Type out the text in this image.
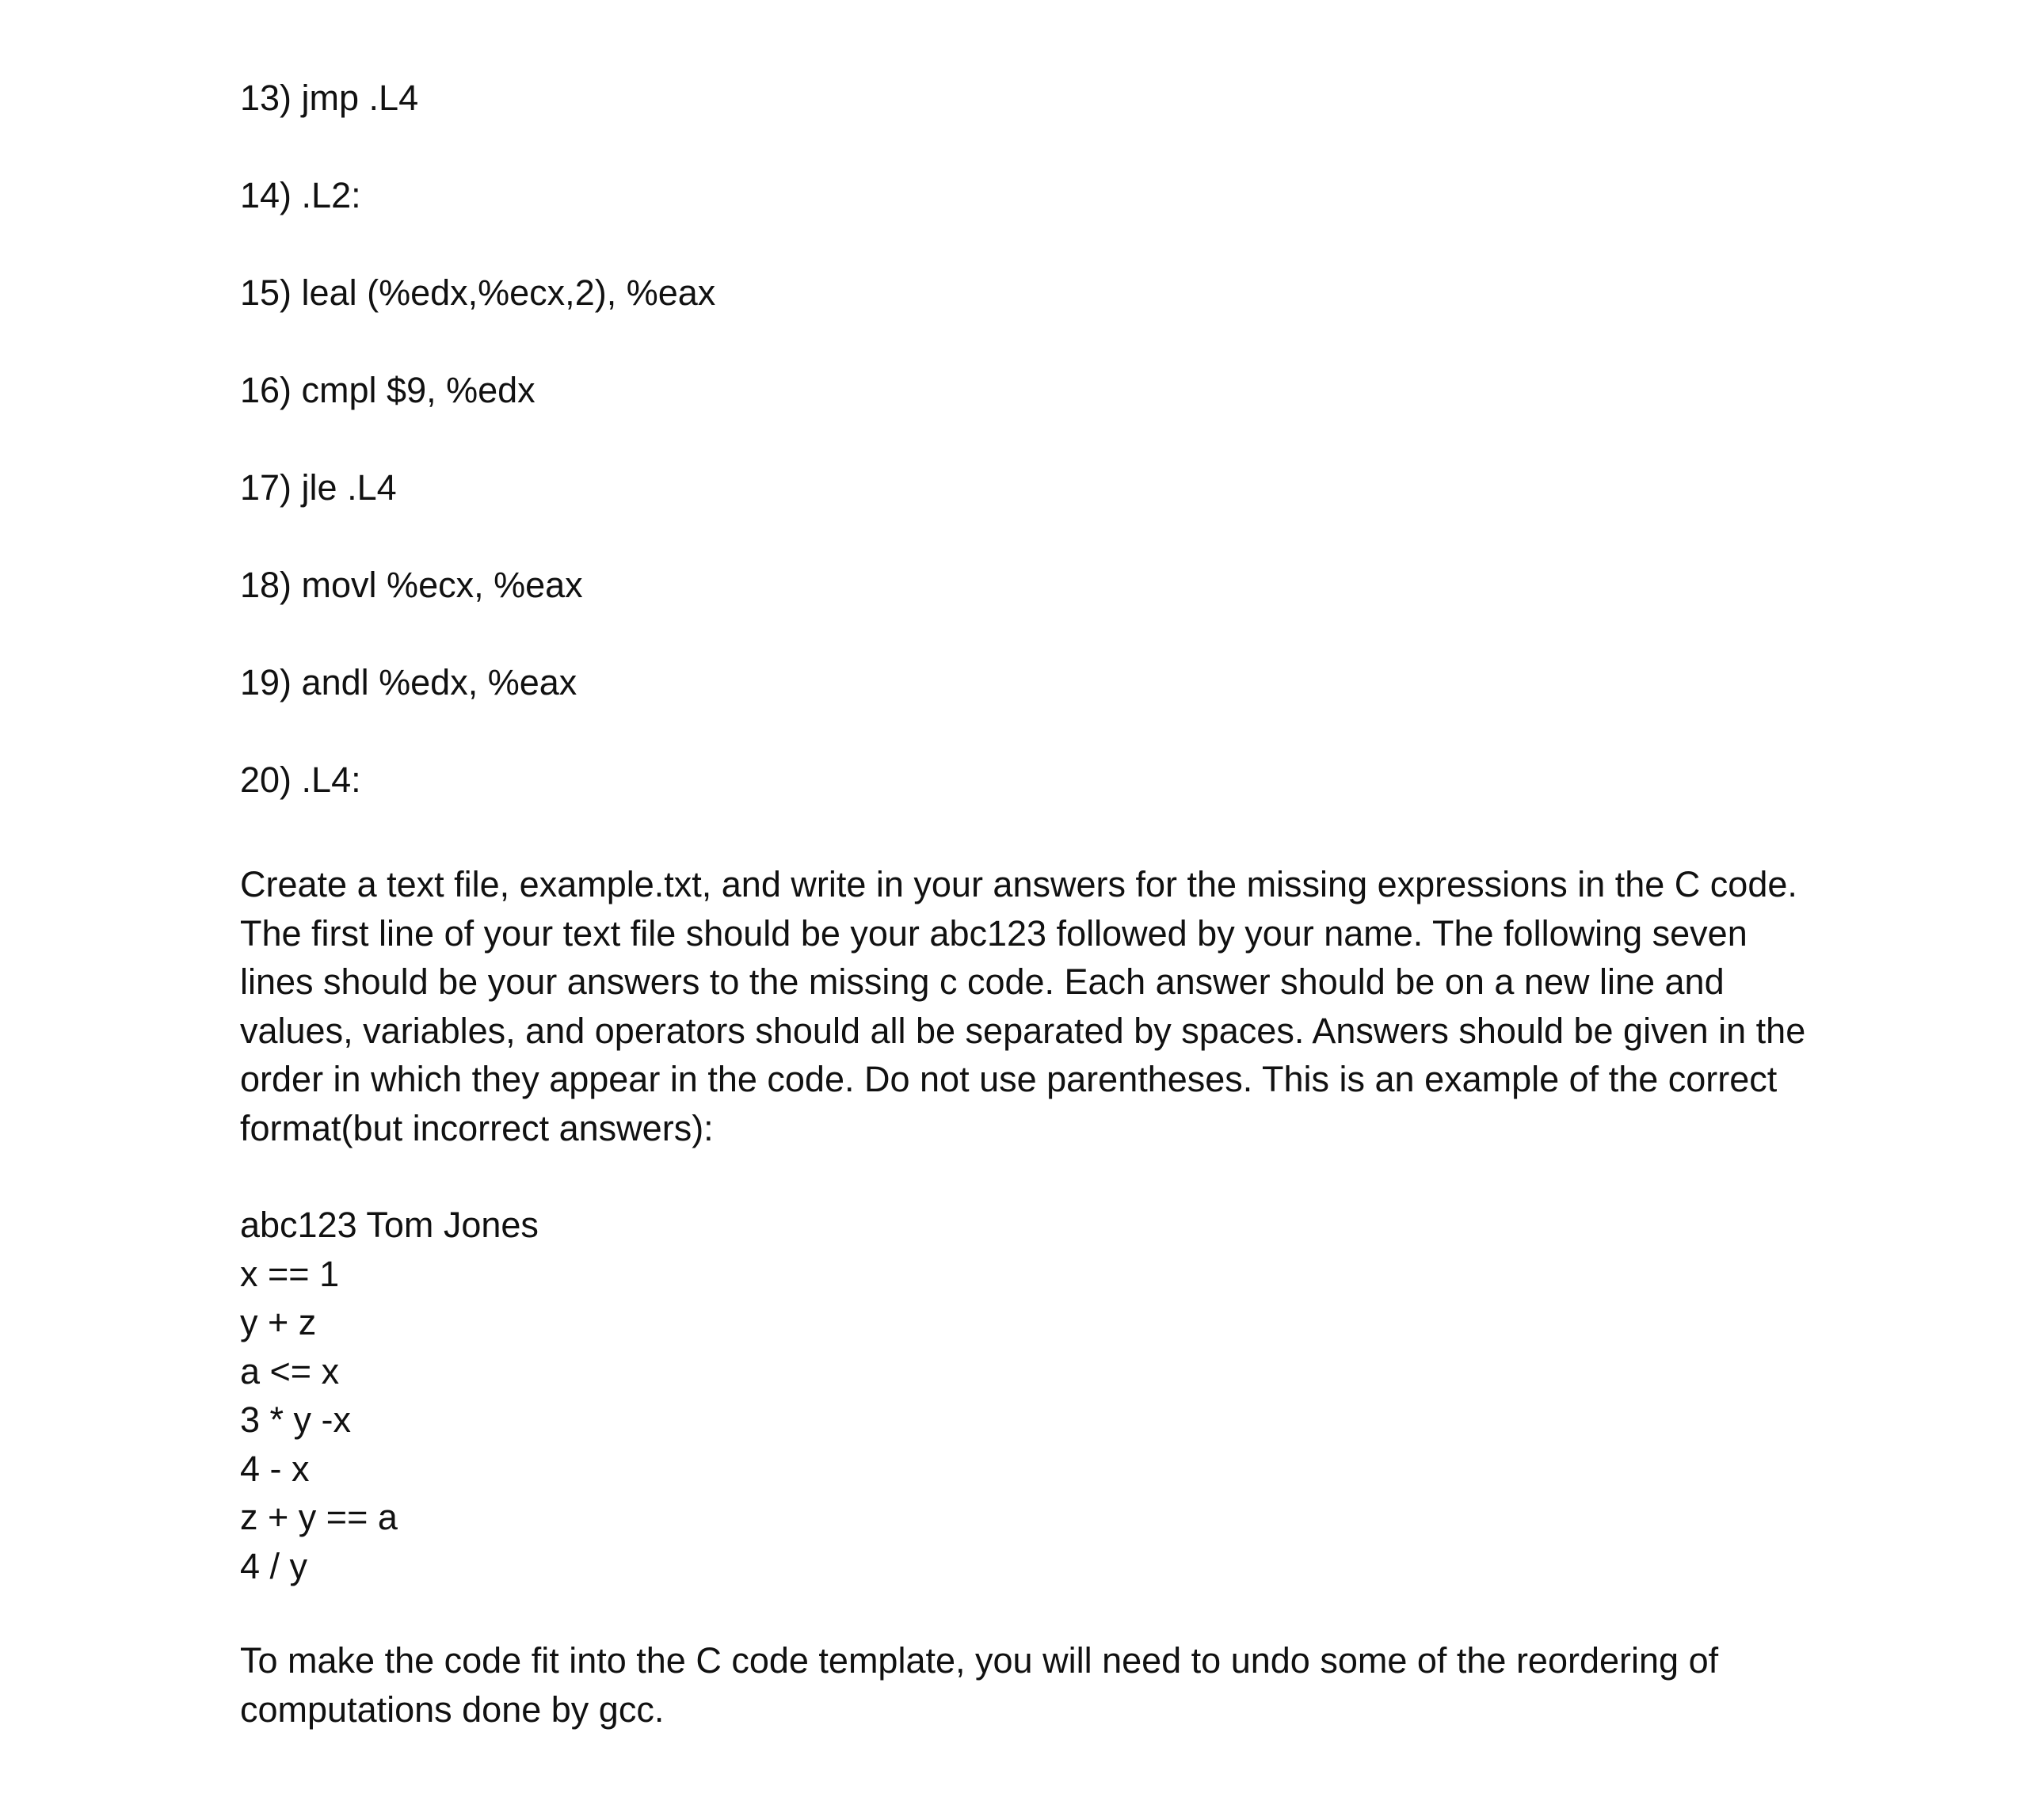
13) jmp .L4
14) .L2:
15) leal (%edx,%ecx,2), %eax
16) cmpl $9, %edx
17) jle .L4
18) movl %ecx, %eax
19) andl %edx, %eax
20) .L4:

Create a text file, example.txt, and write in your answers for the missing expressions in the C code. The first line of your text file should be your abc123 followed by your name. The following seven lines should be your answers to the missing c code. Each answer should be on a new line and values, variables, and operators should all be separated by spaces. Answers should be given in the order in which they appear in the code. Do not use parentheses. This is an example of the correct format(but incorrect answers):

abc123 Tom Jones
x == 1
y + z
a <= x
3 * y -x
4 - x
z + y == a
4 / y

To make the code fit into the C code template, you will need to undo some of the reordering of computations done by gcc.
